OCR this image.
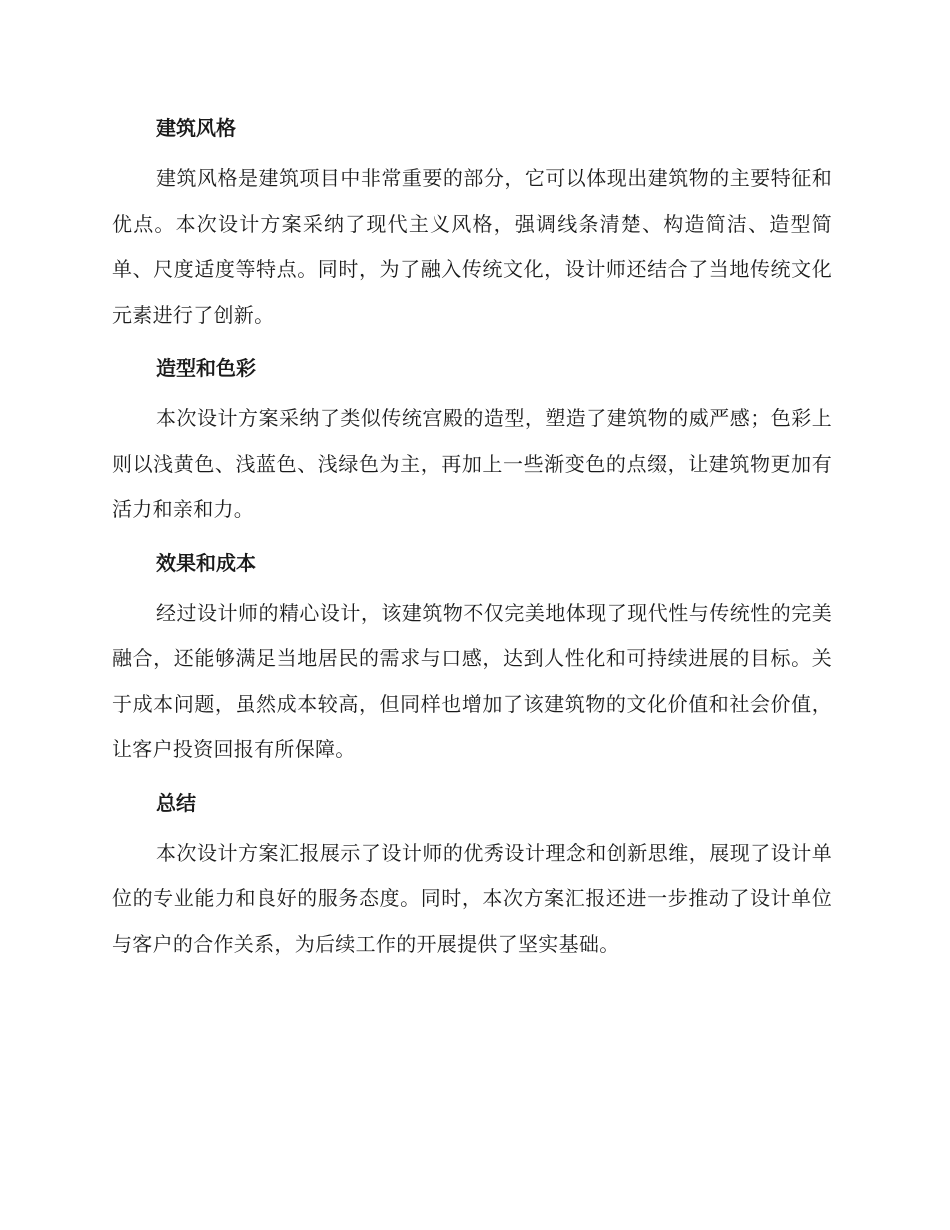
建筑风格

建筑风格是建筑项目中非常重要的部分，它可以体现出建筑物的主要特征和优点。本次设计方案采纳了现代主义风格，强调线条清楚、构造简洁、造型简单、尺度适度等特点。同时，为了融入传统文化，设计师还结合了当地传统文化元素进行了创新。

造型和色彩

本次设计方案采纳了类似传统宫殿的造型，塑造了建筑物的威严感；色彩上则以浅黄色、浅蓝色、浅绿色为主，再加上一些渐变色的点缀，让建筑物更加有活力和亲和力。

效果和成本

经过设计师的精心设计，该建筑物不仅完美地体现了现代性与传统性的完美融合，还能够满足当地居民的需求与口感，达到人性化和可持续进展的目标。关于成本问题，虽然成本较高，但同样也增加了该建筑物的文化价值和社会价值，让客户投资回报有所保障。

总结

本次设计方案汇报展示了设计师的优秀设计理念和创新思维，展现了设计单位的专业能力和良好的服务态度。同时，本次方案汇报还进一步推动了设计单位与客户的合作关系，为后续工作的开展提供了坚实基础。
